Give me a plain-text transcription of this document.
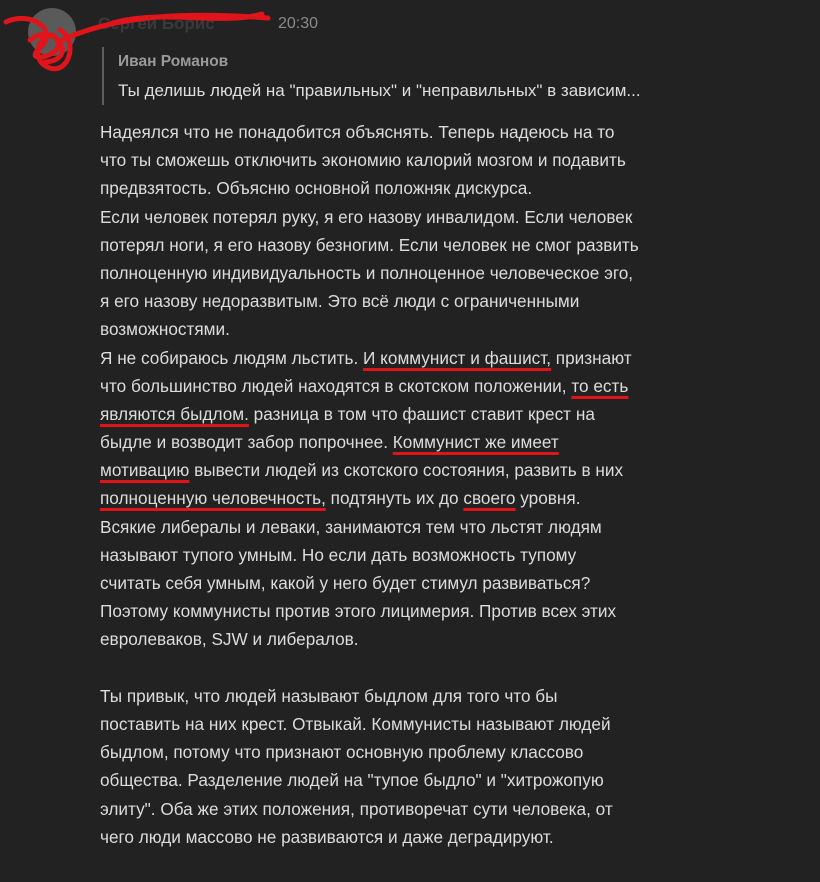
Сергей Борис	20:30
Иван Романов
Ты делишь людей на "правильных" и "неправильных" в зависим...
Надеялся что не понадобится объяснять. Теперь надеюсь на то
что ты сможешь отключить экономию калорий мозгом и подавить
предвзятость. Объясню основной положняк дискурса.
Если человек потерял руку, я его назову инвалидом. Если человек
потерял ноги, я его назову безногим. Если человек не смог развить
полноценную индивидуальность и полноценное человеческое эго,
я его назову недоразвитым. Это всё люди с ограниченными
возможностями.
Я не собираюсь людям льстить. И коммунист и фашист, признают
что большинство людей находятся в скотском положении, то есть
являются быдлом. разница в том что фашист ставит крест на
быдле и возводит забор попрочнее. Коммунист же имеет
мотивацию вывести людей из скотского состояния, развить в них
полноценную человечность, подтянуть их до своего уровня.
Всякие либералы и леваки, занимаются тем что льстят людям
называют тупого умным. Но если дать возможность тупому
считать себя умным, какой у него будет стимул развиваться?
Поэтому коммунисты против этого лицимерия. Против всех этих
евролеваков, SJW и либералов.
Ты привык, что людей называют быдлом для того что бы
поставить на них крест. Отвыкай. Коммунисты называют людей
быдлом, потому что признают основную проблему классово
общества. Разделение людей на "тупое быдло" и "хитрожопую
элиту". Оба же этих положения, противоречат сути человека, от
чего люди массово не развиваются и даже деградируют.
